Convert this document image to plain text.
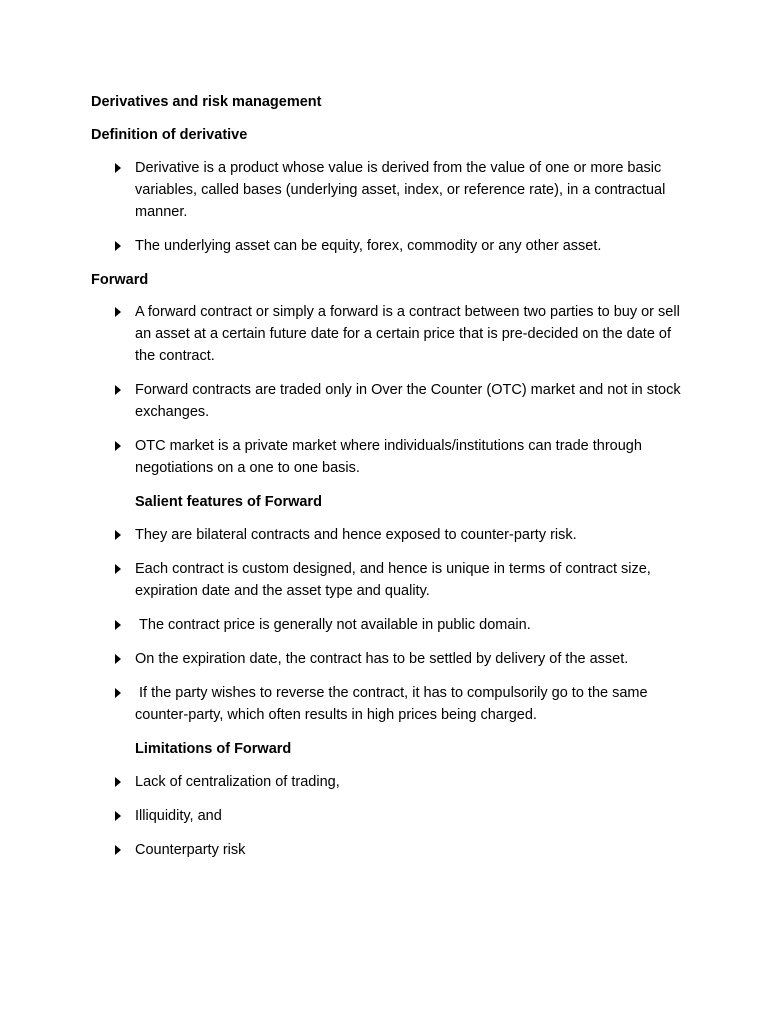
Derivatives and risk management

Definition of derivative

Derivative is a product whose value is derived from the value of one or more basic variables, called bases (underlying asset, index, or reference rate), in a contractual manner.
The underlying asset can be equity, forex, commodity or any other asset.

Forward

A forward contract or simply a forward is a contract between two parties to buy or sell an asset at a certain future date for a certain price that is pre-decided on the date of the contract.
Forward contracts are traded only in Over the Counter (OTC) market and not in stock exchanges.
OTC market is a private market where individuals/institutions can trade through negotiations on a one to one basis.

Salient features of Forward

They are bilateral contracts and hence exposed to counter-party risk.
Each contract is custom designed, and hence is unique in terms of contract size, expiration date and the asset type and quality.
The contract price is generally not available in public domain.
On the expiration date, the contract has to be settled by delivery of the asset.
If the party wishes to reverse the contract, it has to compulsorily go to the same counter-party, which often results in high prices being charged.

Limitations of Forward

Lack of centralization of trading,
Illiquidity, and
Counterparty risk
